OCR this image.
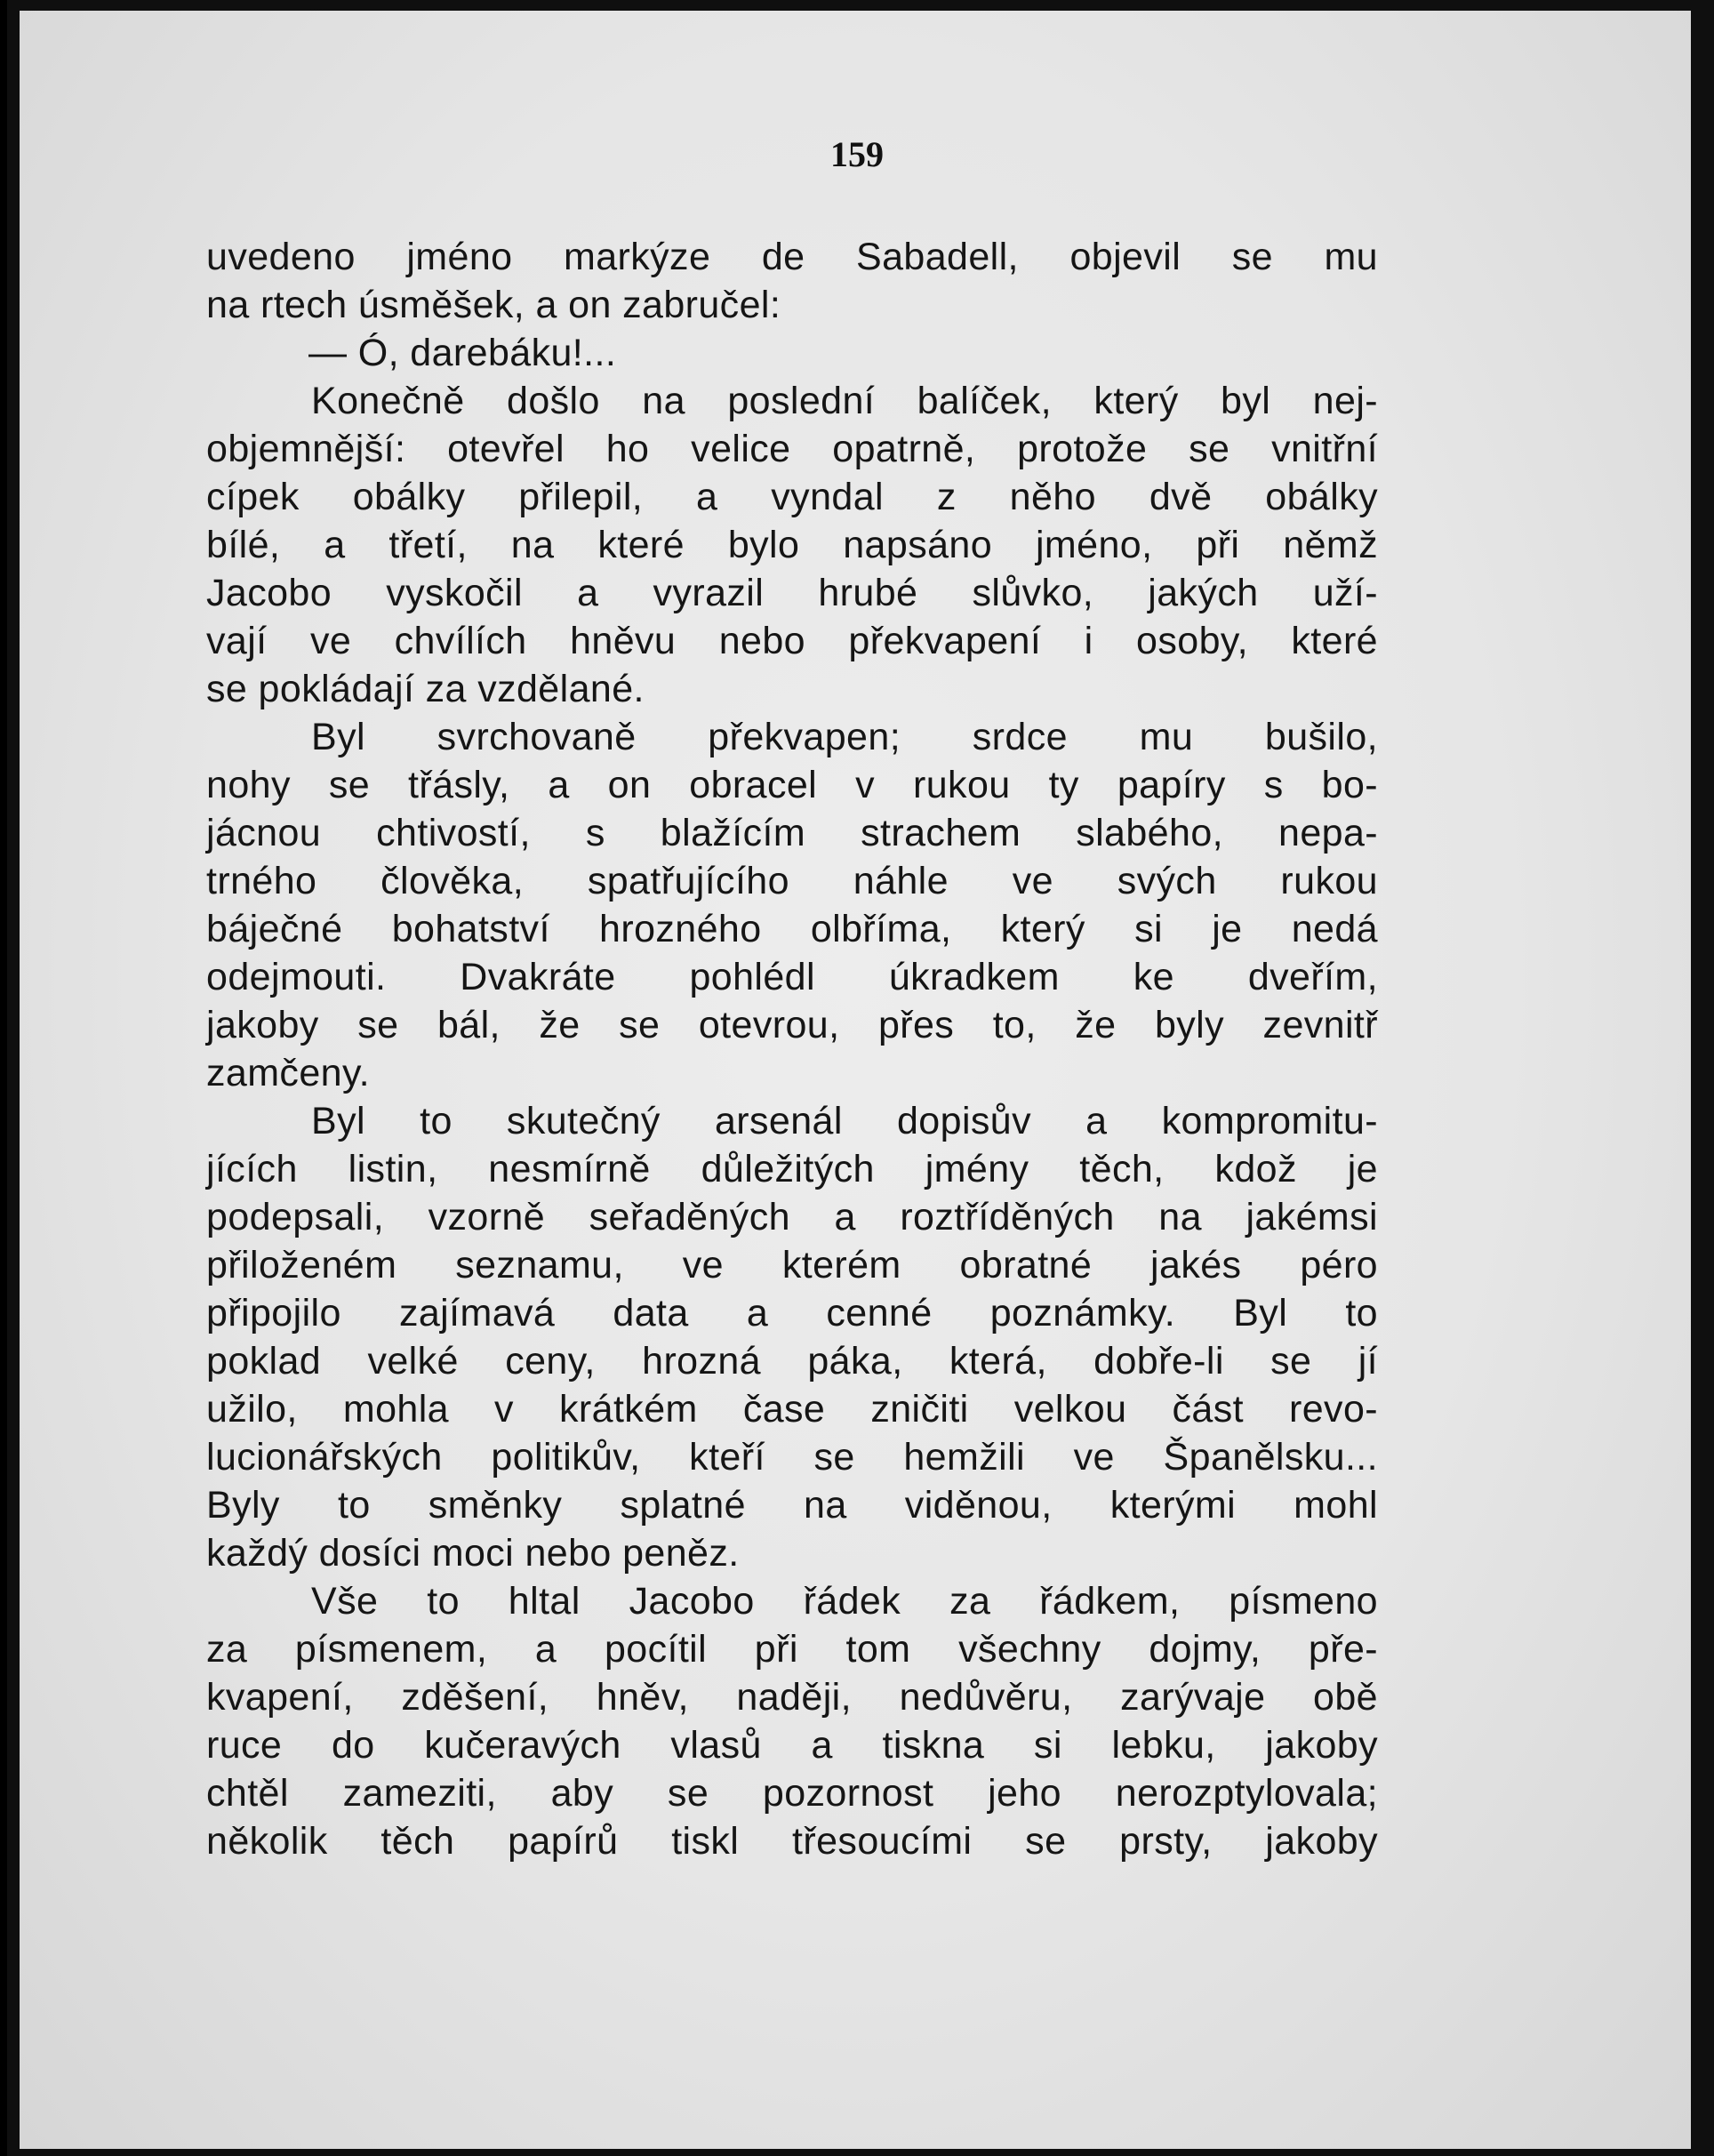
159
uvedeno jméno markýze de Sabadell, objevil se mu
na rtech úsměšek, a on zabručel:
— Ó, darebáku!...
Konečně došlo na poslední balíček, který byl nej-
objemnější: otevřel ho velice opatrně, protože se vnitřní
cípek obálky přilepil, a vyndal z něho dvě obálky
bílé, a třetí, na které bylo napsáno jméno, při němž
Jacobo vyskočil a vyrazil hrubé slůvko, jakých uží-
vají ve chvílích hněvu nebo překvapení i osoby, které
se pokládají za vzdělané.
Byl svrchovaně překvapen; srdce mu bušilo,
nohy se třásly, a on obracel v rukou ty papíry s bo-
jácnou chtivostí, s blažícím strachem slabého, nepa-
trného člověka, spatřujícího náhle ve svých rukou
báječné bohatství hrozného olbříma, který si je nedá
odejmouti. Dvakráte pohlédl úkradkem ke dveřím,
jakoby se bál, že se otevrou, přes to, že byly zevnitř
zamčeny.
Byl to skutečný arsenál dopisův a kompromitu-
jících listin, nesmírně důležitých jmény těch, kdož je
podepsali, vzorně seřaděných a roztříděných na jakémsi
přiloženém seznamu, ve kterém obratné jakés péro
připojilo zajímavá data a cenné poznámky. Byl to
poklad velké ceny, hrozná páka, která, dobře-li se jí
užilo, mohla v krátkém čase zničiti velkou část revo-
lucionářských politikův, kteří se hemžili ve Španělsku...
Byly to směnky splatné na viděnou, kterými mohl
každý dosíci moci nebo peněz.
Vše to hltal Jacobo řádek za řádkem, písmeno
za písmenem, a pocítil při tom všechny dojmy, pře-
kvapení, zděšení, hněv, naději, nedůvěru, zarývaje obě
ruce do kučeravých vlasů a tiskna si lebku, jakoby
chtěl zameziti, aby se pozornost jeho nerozptylovala;
několik těch papírů tiskl třesoucími se prsty, jakoby
